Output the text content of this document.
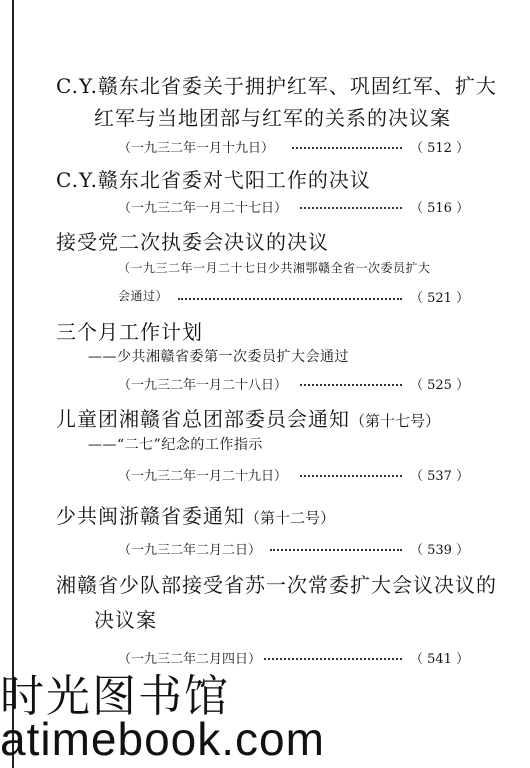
C.Y.赣东北省委关于拥护红军、巩固红军、扩大
红军与当地团部与红军的关系的决议案
（一九三二年一月十九日）	（ 512 ）
C.Y.赣东北省委对弋阳工作的决议
（一九三二年一月二十七日）	（ 516 ）
接受党二次执委会决议的决议
（一九三二年一月二十七日少共湘鄂赣全省一次委员扩大
会通过）	（ 521 ）
三个月工作计划
——少共湘赣省委第一次委员扩大会通过
（一九三二年一月二十八日）	（ 525 ）
儿童团湘赣省总团部委员会通知（第十七号）
——“二七”纪念的工作指示
（一九三二年一月二十九日）	（ 537 ）
少共闽浙赣省委通知（第十二号）
（一九三二年二月二日）	（ 539 ）
湘赣省少队部接受省苏一次常委扩大会议决议的
决议案
（一九三二年二月四日）	（ 541 ）
时光图书馆
atimebook.com
